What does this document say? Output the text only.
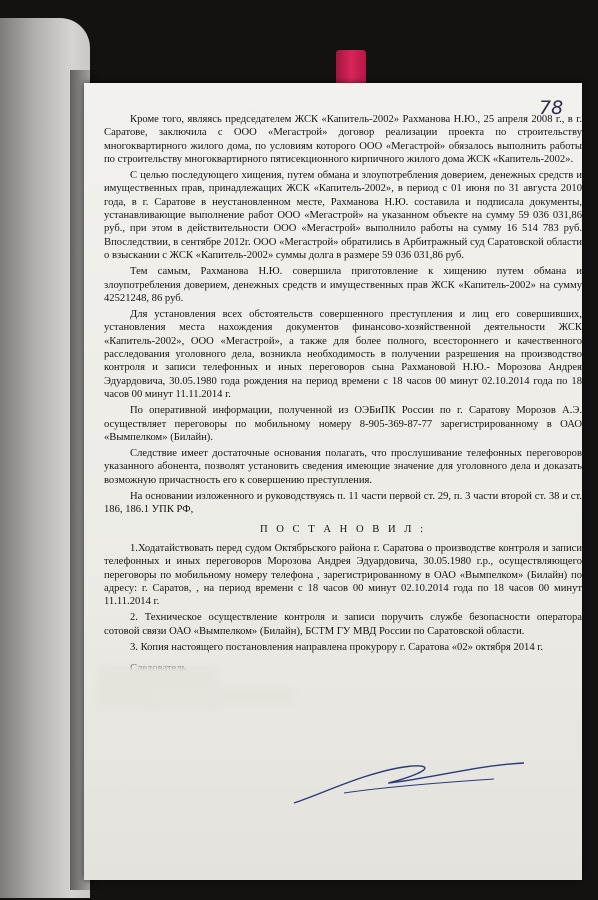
78

Кроме того, являясь председателем ЖСК «Капитель-2002» Рахманова Н.Ю., 25 апреля 2008 г., в г. Саратове, заключила с ООО «Мегастрой» договор реализации проекта по строительству многоквартирного жилого дома, по условиям которого ООО «Мегастрой» обязалось выполнить работы по строительству многоквартирного пятисекционного кирпичного жилого дома ЖСК «Капитель-2002».

С целью последующего хищения, путем обмана и злоупотребления доверием, денежных средств и имущественных прав, принадлежащих ЖСК «Капитель-2002», в период с 01 июня по 31 августа 2010 года, в г. Саратове в неустановленном месте, Рахманова Н.Ю. составила и подписала документы, устанавливающие выполнение работ ООО «Мегастрой» на указанном объекте на сумму 59 036 031,86 руб., при этом в действительности ООО «Мегастрой» выполнило работы на сумму 16 514 783 руб. Впоследствии, в сентябре 2012г. ООО «Мегастрой» обратились в Арбитражный суд Саратовской области о взыскании с ЖСК «Капитель-2002» суммы долга в размере 59 036 031,86 руб.

Тем самым, Рахманова Н.Ю. совершила приготовление к хищению путем обмана и злоупотребления доверием, денежных средств и имущественных прав ЖСК «Капитель-2002» на сумму 42521248, 86 руб.

Для установления всех обстоятельств совершенного преступления и лиц его совершивших, установления места нахождения документов финансово-хозяйственной деятельности ЖСК «Капитель-2002», ООО «Мегастрой», а также для более полного, всестороннего и качественного расследования уголовного дела, возникла необходимость в получении разрешения на производство контроля и записи телефонных и иных переговоров сына Рахмановой Н.Ю.- Морозова Андрея Эдуардовича, 30.05.1980 года рождения на период времени с 18 часов 00 минут 02.10.2014 года по 18 часов 00 минут 11.11.2014 г.

По оперативной информации, полученной из ОЭБиПК России по г. Саратову Морозов А.Э. осуществляет переговоры по мобильному номеру 8-905-369-87-77 зарегистрированному в ОАО «Вымпелком» (Билайн).

Следствие имеет достаточные основания полагать, что прослушивание телефонных переговоров указанного абонента, позволят установить сведения имеющие значение для уголовного дела и доказать возможную причастность его к совершению преступления.

На основании изложенного и руководствуясь п. 11 части первой ст. 29, п. 3 части второй ст. 38 и ст. 186, 186.1 УПК РФ,

П О С Т А Н О В И Л :

1.Ходатайствовать перед судом Октябрьского района г. Саратова о производстве контроля и записи телефонных и иных переговоров Морозова Андрея Эдуардовича, 30.05.1980 г.р., осуществляющего переговоры по мобильному номеру телефона , зарегистрированному в ОАО «Вымпелком» (Билайн) по адресу: г. Саратов, , на период времени с 18 часов 00 минут 02.10.2014 года по 18 часов 00 минут 11.11.2014 г.

2. Техническое осуществление контроля и записи поручить службе безопасности оператора сотовой связи ОАО «Вымпелком» (Билайн), БСТМ ГУ МВД России по Саратовской области.

3. Копия настоящего постановления направлена прокурору г. Саратова «02» октября 2014 г.
